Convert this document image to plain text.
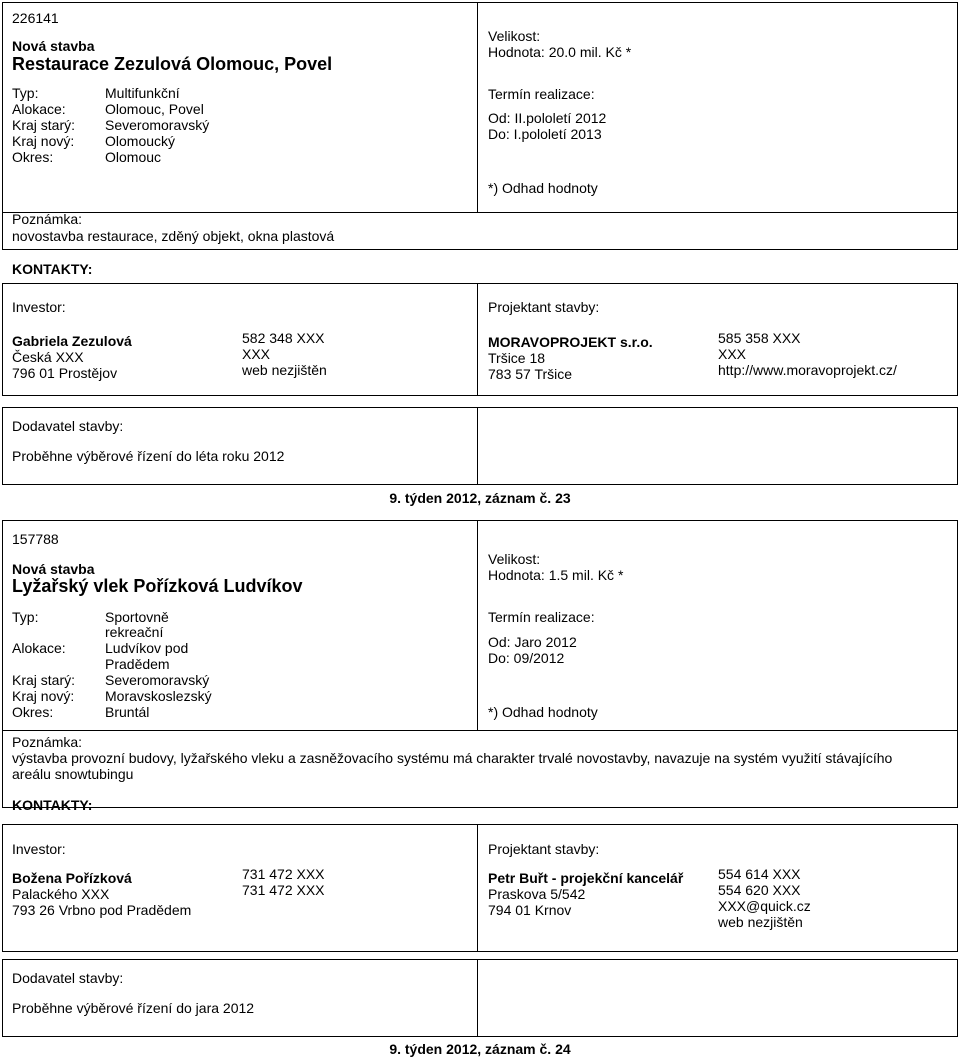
226141
Nová stavba
Restaurace Zezulová Olomouc, Povel
Typ:	Multifunkční
Alokace:	Olomouc, Povel
Kraj starý: Severomoravský
Kraj nový: Olomoucký
Okres:	Olomouc
Velikost:
Hodnota: 20.0 mil. Kč *
Termín realizace:
Od: II.pololetí 2012
Do: I.pololetí 2013
*) Odhad hodnoty
Poznámka:
novostavba restaurace, zděný objekt, okna plastová
KONTAKTY:
Investor:
Gabriela Zezulová
Česká XXX
796 01 Prostějov
582 348 XXX
XXX
web nezjištěn
Projektant stavby:
MORAVOPROJEKT s.r.o.
Tršice 18
783 57 Tršice
585 358 XXX
XXX
http://www.moravoprojekt.cz/
Dodavatel stavby:
Proběhne výběrové řízení do léta roku 2012
9. týden 2012, záznam č. 23
157788
Nová stavba
Lyžařský vlek Pořízková Ludvíkov
Typ:	Sportovně
rekreační
Alokace:	Ludvíkov pod
Pradědem
Kraj starý: Severomoravský
Kraj nový: Moravskoslezský
Okres:	Bruntál
Velikost:
Hodnota: 1.5 mil. Kč *
Termín realizace:
Od: Jaro 2012
Do: 09/2012
*) Odhad hodnoty
Poznámka:
výstavba provozní budovy, lyžařského vleku a zasněžovacího systému má charakter trvalé novostavby, navazuje na systém využití stávajícího areálu snowtubingu
KONTAKTY:
Investor:
Božena Pořízková
Palackého XXX
793 26 Vrbno pod Pradědem
731 472 XXX
731 472 XXX
Projektant stavby:
Petr Buřt - projekční kancelář
Praskova 5/542
794 01 Krnov
554 614 XXX
554 620 XXX
XXX@quick.cz
web nezjištěn
Dodavatel stavby:
Proběhne výběrové řízení do jara 2012
9. týden 2012, záznam č. 24
